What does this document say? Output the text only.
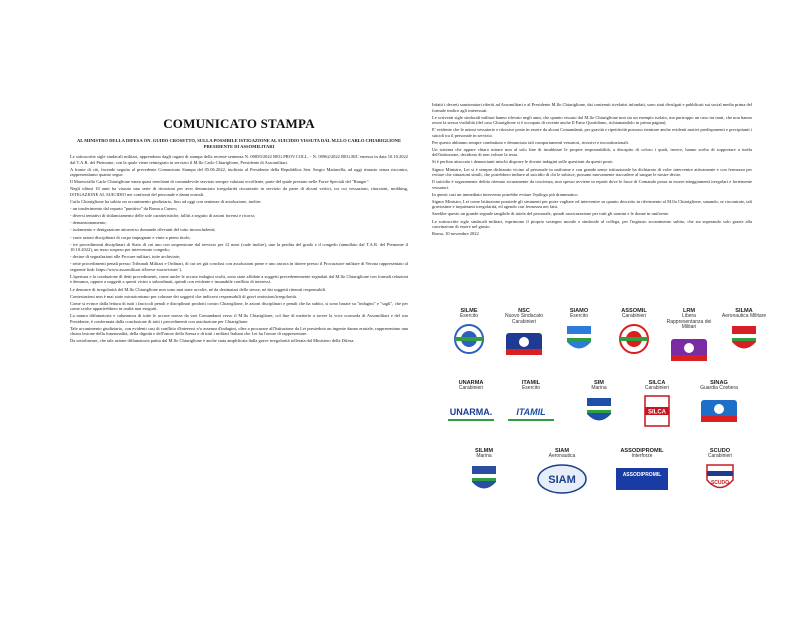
COMUNICATO STAMPA
AL MINISTRO DELLA DIFESA ON. GUIDO CROSETTO, SULLA POSSIBILE ISTIGAZIONE AL SUICIDIO VISSUTA DAL M.LLO CARLO CHIARIGLIONE PRESIDENTE DI ASSOMILITARI
Le sottoscritte sigle sindacali militari, apprendono dagli organi di stampa della recente sentenza N. 00859/2022 REG.PROV.COLL. - N. 00962/2022 REG.RIC emessa in data 10.10.2022 dal T.A.R. del Piemonte, con la quale viene reintegrato in servizio il M.llo Carlo Chiariglione, Presidente di Assomilitari.
A fronte di ciò, facendo seguito al precedente Comunicato Stampa del 05.06.2022, inoltrato al Presidente della Repubblica Sen. Sergio Mattarella, ad oggi rimasto senza riscontro, rappresentiamo quanto segue.
Il Maresciallo Carlo Chiariglione vanta quasi trent'anni di comandevole servizio sempre valutato eccellente, parte del quale prestato nelle Forze Speciali del "Ranger".
Negli ultimi 10 anni ha vissuto una serie di ritorsioni per aver denunciato irregolarità riscontrate in servizio da parte di alcuni vertici, tra cui vessazioni, ritorsioni, mobbing, ISTIGAZIONE AL SUICIDIO nei confronti del personale e danni erariali.
Carlo Chiariglione ha subito un accanimento giudiziario, fino ad oggi con sentenze di assoluzione, inoltre:
- un trasferimento dal reparto "punitivo" da Roma a Cuneo;
- diversi tentativi di sbilanciamento delle sole caratteristiche, falliti a seguito di azioni forensi e ricorsi;
- demansionamento;
- isolamento e denigrazione attraverso domande rilevanti del tutto inconcludenti;
- varie azioni disciplinari di corpo impugnate e vinte a pieno titolo;
- tre procedimenti disciplinari di Stato di cui uno con sospensione dal servizio per 12 mesi (cade inoltre), uno la perdita del grado e il congedo (annullato dal T.A.R. del Piemonte il 10.10.2022), un terzo sospeso per intervenuto congedo;
- decine di segnalazioni alle Procure militari, tutte archiviate;
- sette procedimenti penali presso Tribunali Militari e Ordinari, di cui sei già conclusi con assoluzioni piene e uno ancora in itinere presso il Procuratore militare di Verona rappresentato al seguente link: https://www.assomilitari.it/breve-storia-triste/ ).
L'apertura e la conduzione di detti procedimenti, come anche le accuse indagini svolti, sono state affidate a soggetti precedentemente segnalati dal M.llo Chiariglione con formali relazioni e denunce, oppure a soggetti a questi vicini o subordinati, quindi con evidente e insanabile conflitto di interessi.
Le denunce di irregolarità del M.llo Chiariglione non sono mai state accolte, né da destinatari delle stesse, né dai soggetti ritenuti responsabili.
Contestazioni non è mai state ostruzionismo per colmare dei soggetti che indicavo responsabili di gravi omissioni/irregolarità.
Come si evince dalla lettura di tutti i fascicoli penali e disciplinari prodotti contro Chiariglione, le azioni disciplinari e penali che ha subito, si sono basate su "indagini" e "sagli", che per come svolte apparirebbero in realtà mai eseguiti.
La natura diffamatoria e calunniosa di tutte le accuse mosse da vari Comandanti verso il M.llo Chiariglione, col fine di metterlo a tacere la voce scomoda di Assomilitari e del suo Presidente, è confermata dalla conclusione di tutti i procedimenti con assoluzione per Chiariglione.
Tale accanimento giudiziario, con evidenti casi di conflitto d'interessi e/o assenza d'indagini, oltre a procurare all'Istituzione da Lei presieduta un ingente danno erariale, rappresentano una chiara lesione della funzionalità, della dignità e dell'onore della Stessa e di tutti i militari Italiani che Lei ha l'onore di rappresentare.
Da sottolineare, che tale azione diffamatoria patita dal M.llo Chiariglione è anche stata amplificata dalla grave irregolarità tollerata dal Ministero della Difesa.
Infatti i decreti sanzionatori riferiti ad Assomilitari e al Presidente M.llo Chiariglione, dai contenuti rivelatisi infondati, sono stati divulgati e pubblicati sui social media prima del formale inoltro agli interessati.
Le scriventi sigle sindacali militari hanno rilevato negli anni, che quanto vissuto dal M.llo Chiariglione non sia un esempio isolato, ma purtroppo un caso tra tanti, che non hanno avuto la stessa visibilità (del caso Chiariglione si è occupato di recente anche Il Fatto Quotidiano, richiamandolo in prima pagina).
E' evidente che le azioni vessatorie e ritorsive poste in essere da alcuni Comandanti, per gravità e ripetitività possono rientrare anche evidenti motivi predisponenti e precipitanti i suicidi tra il personale in servizio.
Per questo abbiamo sempre combattuto e denunciato tali comportamenti vessatori, ritorsivi e incostituzionali.
Un sistema che appare chiaro mirare non al solo fine di insabbiare le proprie responsabilità, a discapito di coloro i quali, invece, hanno scelto di sopportare a tutela dell'istituzione, decidono di non voltare la testa.
Si è perfino attaccato i denuncianti mischi disporre le dovute indagini sulle questioni da questi poste.
Signor Ministro, Lei si è sempre dichiarato vicino al personale in uniforme e con grande senso istituzionale ha dichiarato di voler intervenire attivamente e con fermezza per evitare che situazioni simili, che potrebbero indurre al suicidio di chi le subisce, possano nuovamente riaccadere al sangue le nostre divise.
Il suicidio è seguramente delitto ritenuto sicuramente da coscienza, non spesso avviene in reparti dove le fasce di Comando possa in essere atteggiamenti irregolari e fortemente vessatori.
In questi casi un immediato intervento potrebbe evitare l'epilogo più drammatico.
Signor Ministro, Lei come Istituzione possiede gli strumenti per poter vagliare ed intervenire su quanto descritto in riferimento al M.llo Chiariglione, sanando, se riscontrate, tali gravissime e inquietanti irregolarità, ed agendo con fermezza nei fatti.
Sarebbe questo un grande segnale tangibile di tutela del personale, quindi rassicurazione per tutti gli uomini e le donne in uniforme.
Le sottoscritte sigle sindacali militari, esprimono il proprio sostegno morale e sindacale al collega, per l'ingiusto accanimento subito, che sta superando solo grazie alla convinzione di essere nel giusto.
Roma, 10 novembre 2022
SILME
Esercito
NSC
Nuovo Sindacato Carabinieri
SIAMO
Esercito
ASSOMIL
Carabinieri
LRM
Libera Rappresentanza dei Militari
SILMA
Aeronautica Militare
UNARMA
Carabinieri
UNARMA.
ITAMIL
Esercito
ITAMIL
SIM
Marina
SILCA
Carabinieri
SILCA
SINAG
Guardia Costiera
SILMM
Marina
SIAM
Aeronautica
SIAM
ASSODIPROMIL
Interforze
ASSODIPROMIL
SCUDO
Carabinieri
SCUDO
